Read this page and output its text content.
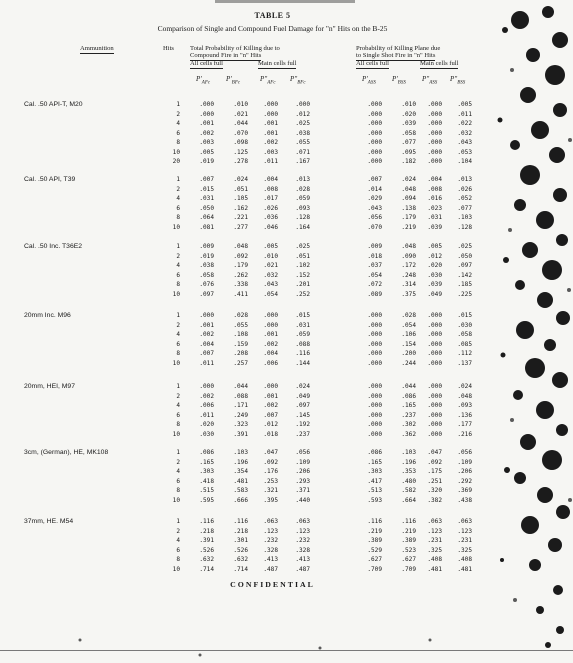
TABLE 5
Comparison of Single and Compound Fuel Damage for "n" Hits on the B-25
Ammunition	Hits Total Probability of Killing due to
Compound Fire in "n" Hits
All cells full	Main cells full
Probability of Killing Plane due
to Single Shot Fire in "n" Hits
All cells full	Main cells full
$P'_{AFc}$ $P'_{BFc}$	$P"_{AFc}$ $P"_{BFc}$	$P'_{ASS}$ $P'_{BSS}$ $P"_{ASS}$ $P"_{BSS}$
Cal. .50 API-T, M20	1	.000	.010	.000	.000	.000	.010	.000	.005
2	.000	.021	.000	.012	.000	.020	.000	.011
4	.001	.044	.001	.025	.000	.039	.000	.022
6	.002	.070	.001	.038	.000	.058	.000	.032
8	.003	.098	.002	.055	.000	.077	.000	.043
10	.005	.125	.003	.071	.000	.095	.000	.053
20	.019	.278	.011	.167	.000	.182	.000	.104
Cal. .50 API, T39	1	.007	.024	.004	.013	.007	.024	.004	.013
2	.015	.051	.008	.028	.014	.048	.008	.026
4	.031	.105	.017	.059	.029	.094	.016	.052
6	.050	.162	.026	.093	.043	.138	.023	.077
8	.064	.221	.036	.128	.056	.179	.031	.103
10	.081	.277	.046	.164	.070	.219	.039	.128
Cal. .50 Inc. T36E2	1	.009	.048	.005	.025	.009	.048	.005	.025
2	.019	.092	.010	.051	.018	.090	.012	.050
4	.038	.179	.021	.102	.037	.172	.020	.097
6	.058	.262	.032	.152	.054	.248	.030	.142
8	.076	.338	.043	.201	.072	.314	.039	.185
10	.097	.411	.054	.252	.089	.375	.049	.225
20mm Inc. M96	1	.000	.028	.000	.015	.000	.028	.000	.015
2	.001	.055	.000	.031	.000	.054	.000	.030
4	.002	.108	.001	.059	.000	.106	.000	.058
6	.004	.159	.002	.088	.000	.154	.000	.085
8	.007	.208	.004	.116	.000	.200	.000	.112
10	.011	.257	.006	.144	.000	.244	.000	.137
20mm, HEI, M97	1	.000	.044	.000	.024	.000	.044	.000	.024
2	.002	.088	.001	.049	.000	.086	.000	.048
4	.006	.171	.002	.097	.000	.165	.000	.093
6	.011	.249	.007	.145	.000	.237	.000	.136
8	.020	.323	.012	.192	.000	.302	.000	.177
10	.030	.391	.018	.237	.000	.362	.000	.216
3cm, (German), HE, MK108	1	.086	.103	.047	.056	.086	.103	.047	.056
2	.165	.196	.092	.109	.165	.196	.092	.109
4	.303	.354	.176	.206	.303	.353	.175	.206
6	.418	.481	.253	.293	.417	.480	.251	.292
8	.515	.583	.321	.371	.513	.582	.320	.369
10	.595	.666	.395	.440	.593	.664	.382	.438
37mm, HE. M54	1	.116	.116	.063	.063	.116	.116	.063	.063
2	.218	.218	.123	.123	.219	.219	.123	.123
4	.391	.301	.232	.232	.389	.389	.231	.231
6	.526	.526	.328	.328	.529	.523	.325	.325
8	.632	.632	.413	.413	.627	.627	.408	.408
10	.714	.714	.487	.487	.709	.709	.481	.481
CONFIDENTIAL
